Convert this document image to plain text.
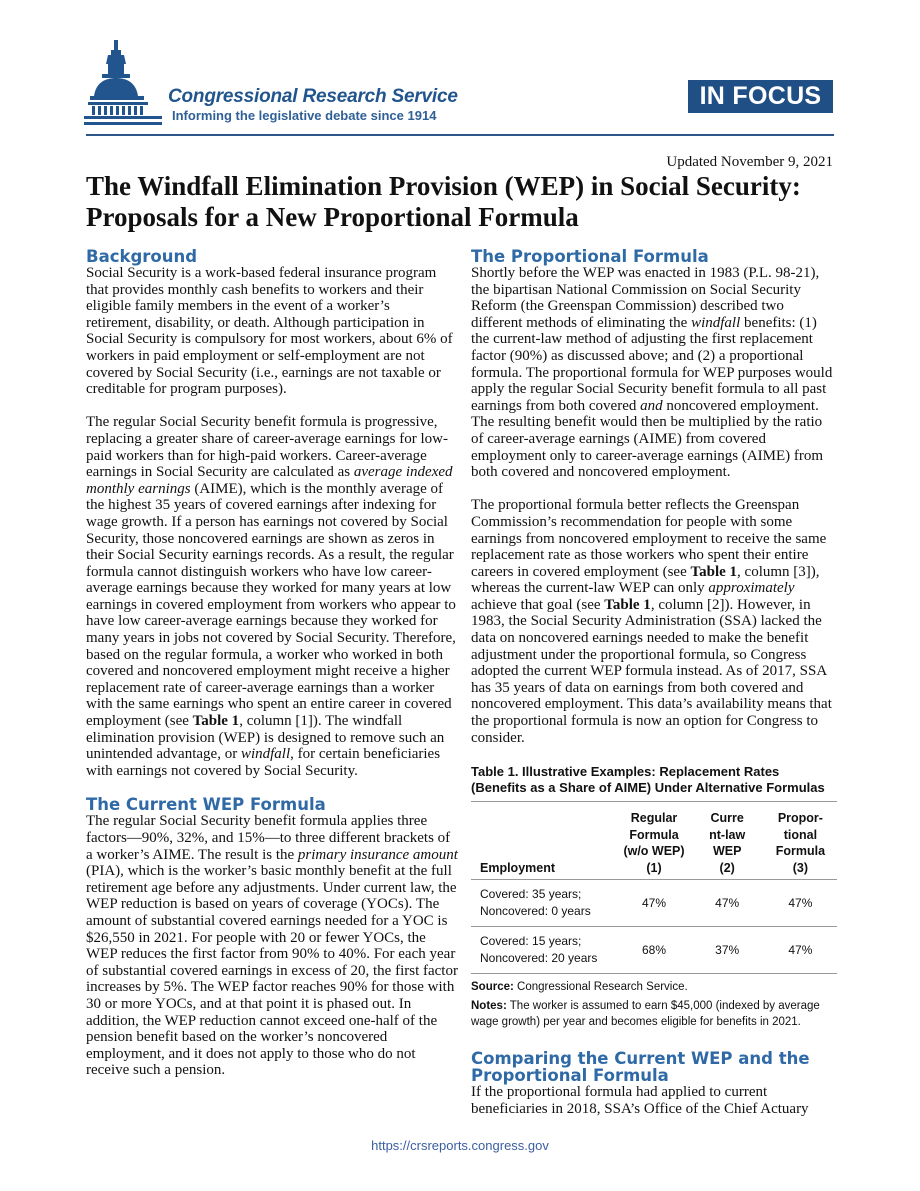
Congressional Research Service
Informing the legislative debate since 1914
IN FOCUS
Updated November 9, 2021
The Windfall Elimination Provision (WEP) in Social Security: Proposals for a New Proportional Formula
Background

Social Security is a work-based federal insurance program that provides monthly cash benefits to workers and their eligible family members in the event of a worker’s retirement, disability, or death. Although participation in Social Security is compulsory for most workers, about 6% of workers in paid employment or self-employment are not covered by Social Security (i.e., earnings are not taxable or creditable for program purposes).

The regular Social Security benefit formula is progressive, replacing a greater share of career-average earnings for low-paid workers than for high-paid workers. Career-average earnings in Social Security are calculated as average indexed monthly earnings (AIME), which is the monthly average of the highest 35 years of covered earnings after indexing for wage growth. If a person has earnings not covered by Social Security, those noncovered earnings are shown as zeros in their Social Security earnings records. As a result, the regular formula cannot distinguish workers who have low career-average earnings because they worked for many years at low earnings in covered employment from workers who appear to have low career-average earnings because they worked for many years in jobs not covered by Social Security. Therefore, based on the regular formula, a worker who worked in both covered and noncovered employment might receive a higher replacement rate of career-average earnings than a worker with the same earnings who spent an entire career in covered employment (see Table 1, column [1]). The windfall elimination provision (WEP) is designed to remove such an unintended advantage, or windfall, for certain beneficiaries with earnings not covered by Social Security.

The Current WEP Formula

The regular Social Security benefit formula applies three factors—90%, 32%, and 15%—to three different brackets of a worker’s AIME. The result is the primary insurance amount (PIA), which is the worker’s basic monthly benefit at the full retirement age before any adjustments. Under current law, the WEP reduction is based on years of coverage (YOCs). The amount of substantial covered earnings needed for a YOC is $26,550 in 2021. For people with 20 or fewer YOCs, the WEP reduces the first factor from 90% to 40%. For each year of substantial covered earnings in excess of 20, the first factor increases by 5%. The WEP factor reaches 90% for those with 30 or more YOCs, and at that point it is phased out. In addition, the WEP reduction cannot exceed one-half of the pension benefit based on the worker’s noncovered employment, and it does not apply to those who do not receive such a pension.

The Proportional Formula

Shortly before the WEP was enacted in 1983 (P.L. 98-21), the bipartisan National Commission on Social Security Reform (the Greenspan Commission) described two different methods of eliminating the windfall benefits: (1) the current-law method of adjusting the first replacement factor (90%) as discussed above; and (2) a proportional formula. The proportional formula for WEP purposes would apply the regular Social Security benefit formula to all past earnings from both covered and noncovered employment. The resulting benefit would then be multiplied by the ratio of career-average earnings (AIME) from covered employment only to career-average earnings (AIME) from both covered and noncovered employment.

The proportional formula better reflects the Greenspan Commission’s recommendation for people with some earnings from noncovered employment to receive the same replacement rate as those workers who spent their entire careers in covered employment (see Table 1, column [3]), whereas the current-law WEP can only approximately achieve that goal (see Table 1, column [2]). However, in 1983, the Social Security Administration (SSA) lacked the data on noncovered earnings needed to make the benefit adjustment under the proportional formula, so Congress adopted the current WEP formula instead. As of 2017, SSA has 35 years of data on earnings from both covered and noncovered employment. This data’s availability means that the proportional formula is now an option for Congress to consider.

Table 1. Illustrative Examples: Replacement Rates (Benefits as a Share of AIME) Under Alternative Formulas
Employment	Regular
Formula
(w/o WEP)
(1)	Curre
nt-law
WEP
(2)	Propor-
tional
Formula
(3)
Covered: 35 years;
Noncovered: 0 years	47%	47%	47%
Covered: 15 years;
Noncovered: 20 years	68%	37%	47%
Source: Congressional Research Service.
Notes: The worker is assumed to earn $45,000 (indexed by average wage growth) per year and becomes eligible for benefits in 2021.
Comparing the Current WEP and the
Proportional Formula

If the proportional formula had applied to current beneficiaries in 2018, SSA’s Office of the Chief Actuary

https://crsreports.congress.gov
